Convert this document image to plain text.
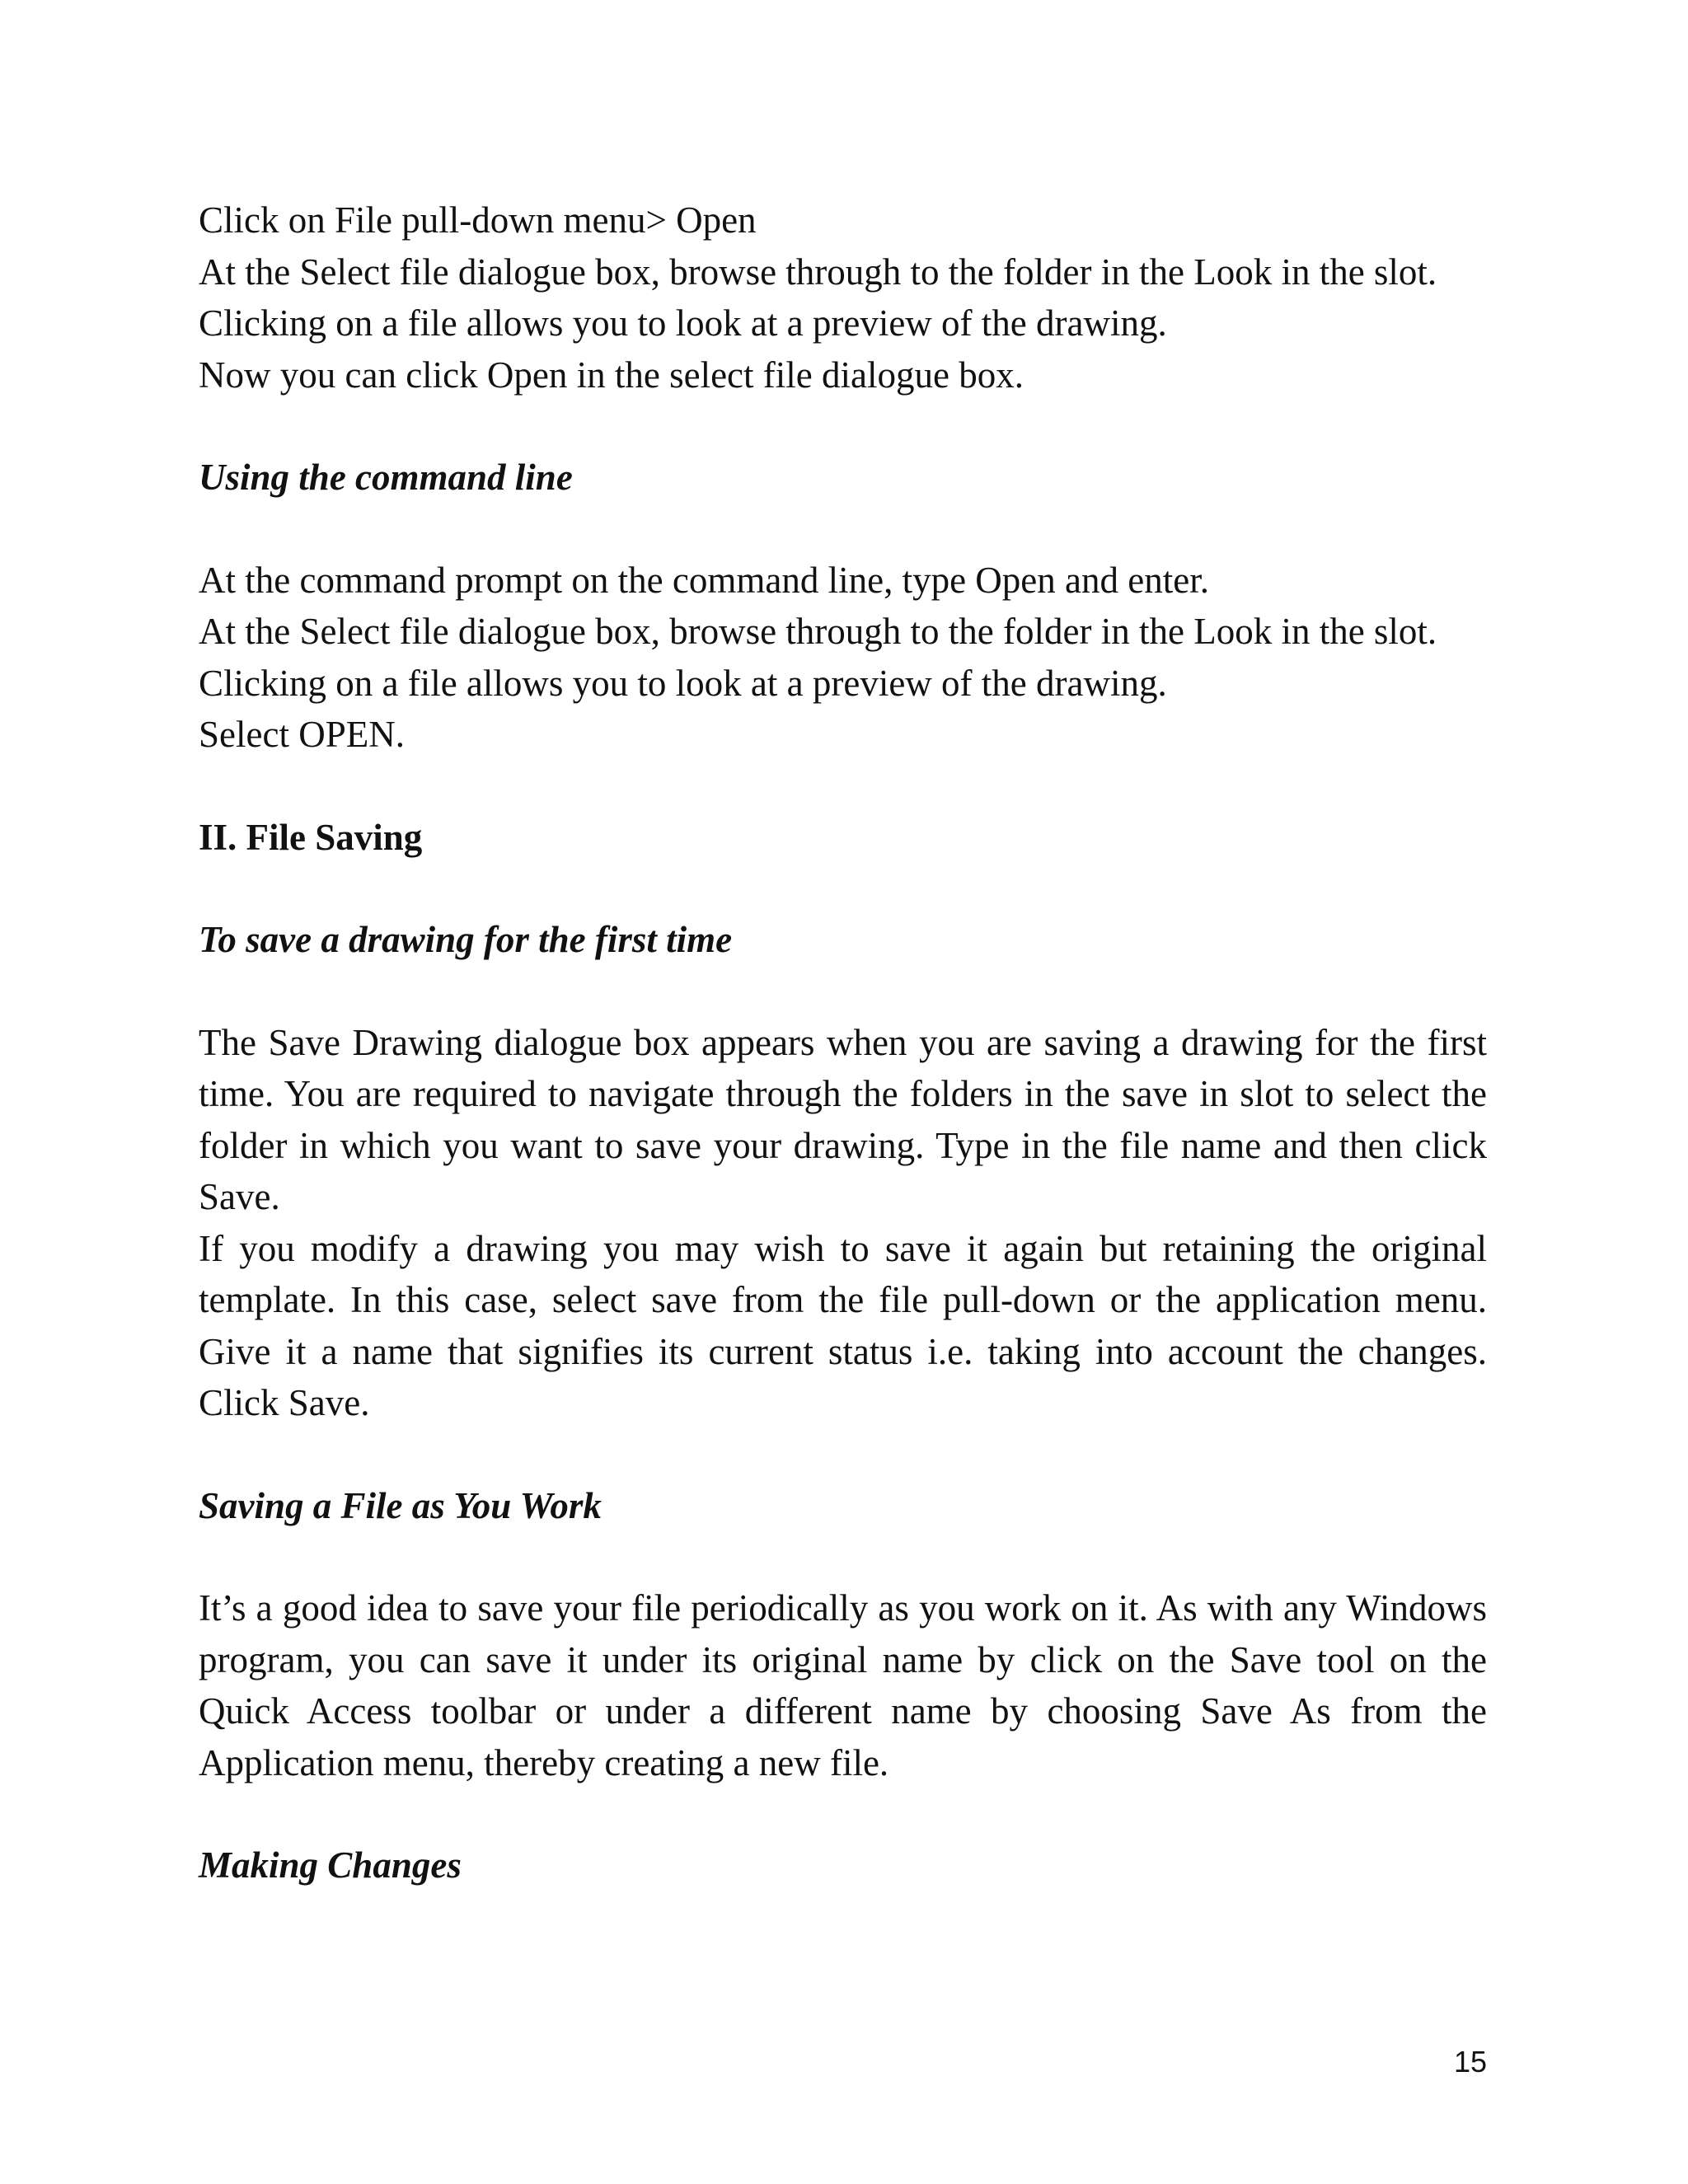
Click on File pull-down menu> Open
At the Select file dialogue box, browse through to the folder in the Look in the slot.
Clicking on a file allows you to look at a preview of the drawing.
Now you can click Open in the select file dialogue box.

Using the command line

At the command prompt on the command line, type Open and enter.
At the Select file dialogue box, browse through to the folder in the Look in the slot.
Clicking on a file allows you to look at a preview of the drawing.
Select OPEN.

II. File Saving

To save a drawing for the first time

The Save Drawing dialogue box appears when you are saving a drawing for the first time. You are required to navigate through the folders in the save in slot to select the folder in which you want to save your drawing. Type in the file name and then click Save.

If you modify a drawing you may wish to save it again but retaining the original template. In this case, select save from the file pull-down or the application menu. Give it a name that signifies its current status i.e. taking into account the changes. Click Save.

Saving a File as You Work

It’s a good idea to save your file periodically as you work on it. As with any Windows program, you can save it under its original name by click on the Save tool on the Quick Access toolbar or under a different name by choosing Save As from the Application menu, thereby creating a new file.

Making Changes

15
